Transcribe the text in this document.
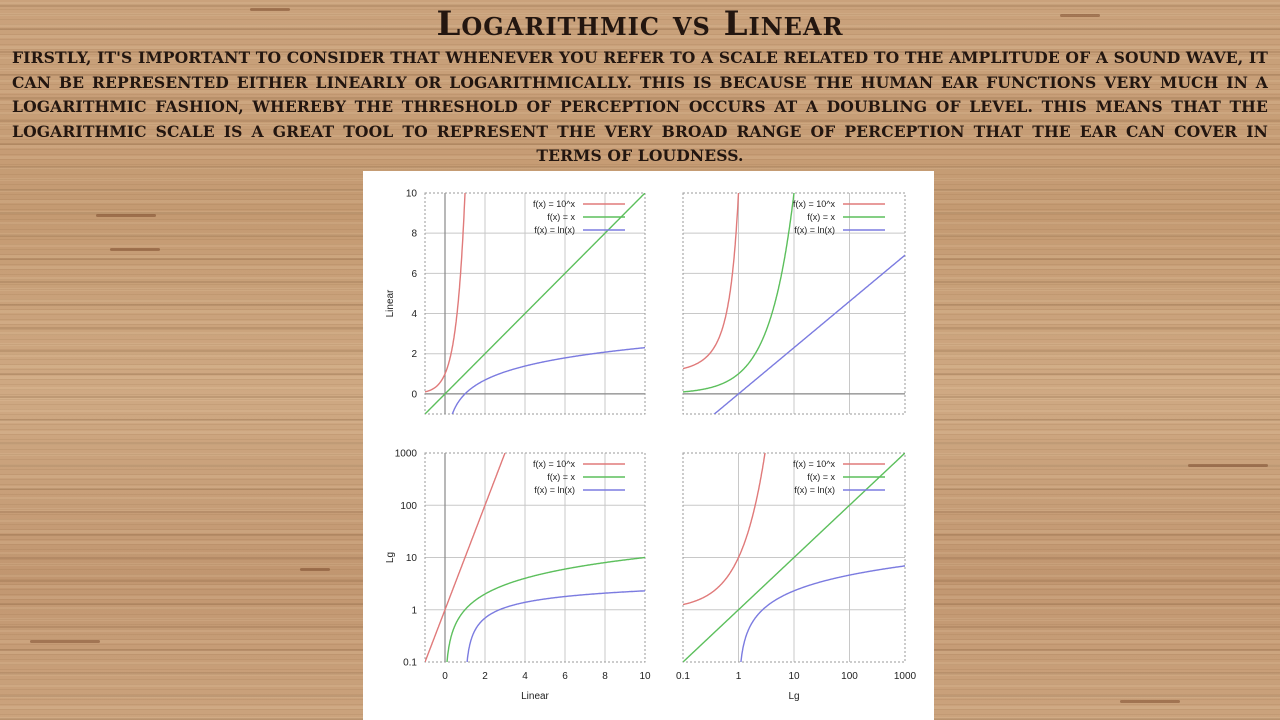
Logarithmic vs Linear

FIRSTLY, IT'S IMPORTANT TO CONSIDER THAT WHENEVER YOU REFER TO A SCALE RELATED TO THE AMPLITUDE OF A SOUND WAVE, IT CAN BE REPRESENTED EITHER LINEARLY OR LOGARITHMICALLY. THIS IS BECAUSE THE HUMAN EAR FUNCTIONS VERY MUCH IN A LOGARITHMIC FASHION, WHEREBY THE THRESHOLD OF PERCEPTION OCCURS AT A DOUBLING OF LEVEL. THIS MEANS THAT THE LOGARITHMIC SCALE IS A GREAT TOOL TO REPRESENT THE VERY BROAD RANGE OF PERCEPTION THAT THE EAR CAN COVER IN TERMS OF LOUDNESS.

f(x) = 10^x
f(x) = x
f(x) = ln(x)
0
2
4
6
8
10
Linear
f(x) = 10^x
f(x) = x
f(x) = ln(x)
f(x) = 10^x
f(x) = x
f(x) = ln(x)
0.1
1
10
100
1000
0	2	4	6	8	10
Lg
Linear
f(x) = 10^x
f(x) = x
f(x) = ln(x)
0.1	1	10	100	1000
Lg
